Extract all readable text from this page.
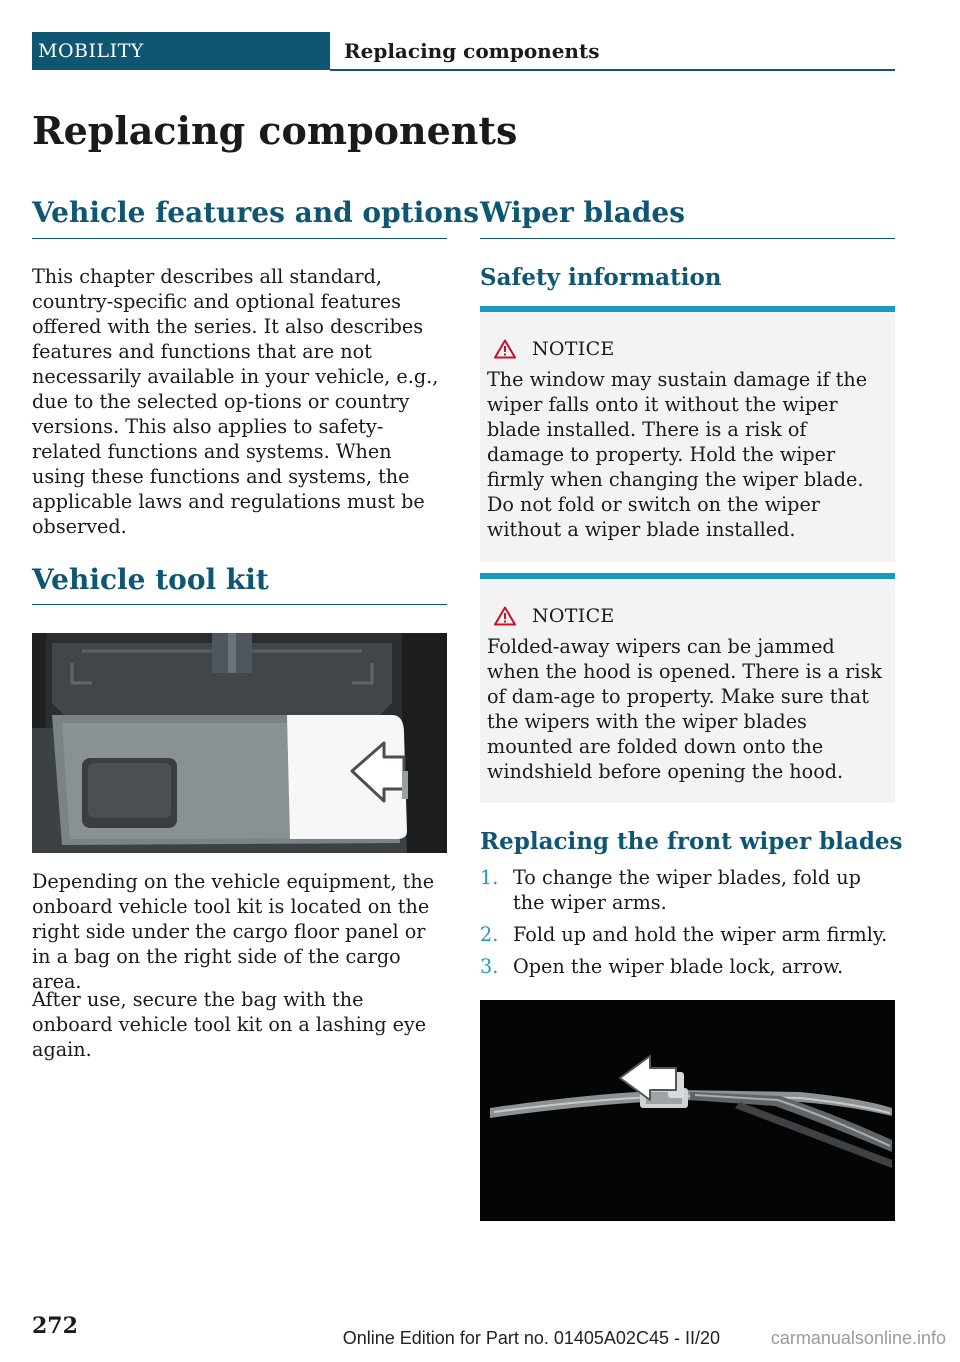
MOBILITY	Replacing components
Replacing components
Vehicle features and options

This chapter describes all standard, country-specific and optional features offered with the series. It also describes features and functions that are not necessarily available in your vehicle, e.g., due to the selected op-tions or country versions. This also applies to safety-related functions and systems. When using these functions and systems, the applicable laws and regulations must be observed.

Vehicle tool kit

Depending on the vehicle equipment, the onboard vehicle tool kit is located on the right side under the cargo floor panel or in a bag on the right side of the cargo area.

After use, secure the bag with the onboard vehicle tool kit on a lashing eye again.

Wiper blades
Safety information
NOTICE

The window may sustain damage if the wiper falls onto it without the wiper blade installed. There is a risk of damage to property. Hold the wiper firmly when changing the wiper blade. Do not fold or switch on the wiper without a wiper blade installed.

NOTICE

Folded-away wipers can be jammed when the hood is opened. There is a risk of dam-age to property. Make sure that the wipers with the wiper blades mounted are folded down onto the windshield before opening the hood.

Replacing the front wiper blades
1. To change the wiper blades, fold up the wiper arms.
2. Fold up and hold the wiper arm firmly.
3. Open the wiper blade lock, arrow.
272	Online Edition for Part no. 01405A02C45 - II/20	carmanualsonline.info
